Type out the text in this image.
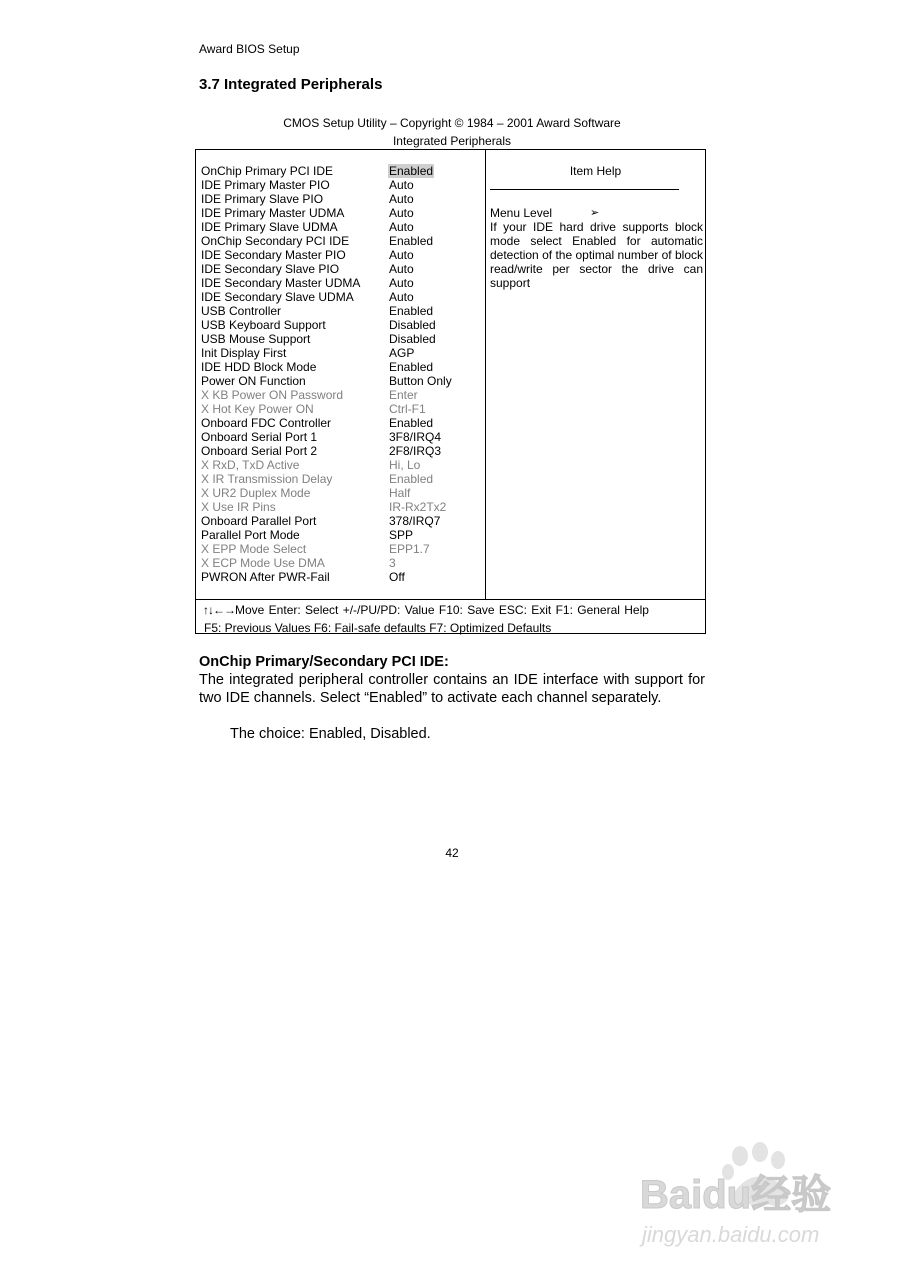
Award BIOS Setup
3.7 Integrated Peripherals
CMOS Setup Utility – Copyright © 1984 – 2001 Award Software
Integrated Peripherals
OnChip Primary PCI IDE	Enabled
IDE Primary Master PIO	Auto
IDE Primary Slave PIO	Auto
IDE Primary Master UDMA	Auto
IDE Primary Slave UDMA	Auto
OnChip Secondary PCI IDE	Enabled
IDE Secondary Master PIO	Auto
IDE Secondary Slave PIO	Auto
IDE Secondary Master UDMA Auto
IDE Secondary Slave UDMA	Auto
USB Controller	Enabled
USB Keyboard Support	Disabled
USB Mouse Support	Disabled
Init Display First	AGP
IDE HDD Block Mode	Enabled
Power ON Function	Button Only
X KB Power ON Password	Enter
X Hot Key Power ON	Ctrl-F1
Onboard FDC Controller	Enabled
Onboard Serial Port 1	3F8/IRQ4
Onboard Serial Port 2	2F8/IRQ3
X RxD, TxD Active	Hi, Lo
X IR Transmission Delay	Enabled
X UR2 Duplex Mode	Half
X Use IR Pins	IR-Rx2Tx2
Onboard Parallel Port	378/IRQ7
Parallel Port Mode	SPP
X EPP Mode Select	EPP1.7
X ECP Mode Use DMA	3
PWRON After PWR-Fail	Off
Item Help
Menu Level	➢
If your IDE hard drive supports block mode select Enabled for automatic detection of the optimal number of block read/write per sector the drive can support
↑↓←→Move Enter: Select +/-/PU/PD: Value F10: Save ESC: Exit F1: General Help
F5: Previous Values F6: Fail-safe defaults F7: Optimized Defaults
OnChip Primary/Secondary PCI IDE:
The integrated peripheral controller contains an IDE interface with support for two IDE channels. Select “Enabled” to activate each channel separately.
The choice: Enabled, Disabled.
42
Baidu经验
jingyan.baidu.com
